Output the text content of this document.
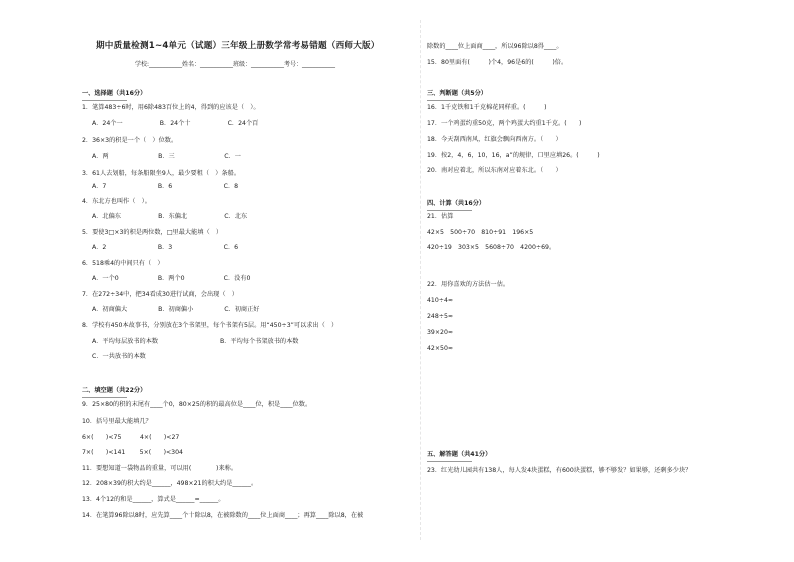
期中质量检测1~4单元（试题）三年级上册数学常考易错题（西师大版）
学校:___________姓名：___________班级：___________考号：___________
一、选择题（共16分）
1．笔算483÷6时，用6除483百位上的4，得到的应该是（　）。
A．24个一　　　　　　B．24个十　　　　　　C．24个百
2．36×3的积是一个（　）位数。
A．两　　　　　　　　B．三　　　　　　　　C．一
3．61人去划船，每条船限坐9人，最少要租（　）条船。
A．7　　　　　　　　 B．6　　　　　　　　 C．8
4．东北方也叫作（　）。
A．北偏东　　　　　　B．东偏北　　　　　　C．北东
5．要使3□×3的积是两位数，□里最大能填（　）
A．2　　　　　　　　 B．3　　　　　　　　 C．6
6．518乘4的中间只有（　）
A．一个0　　　　　　 B．两个0　　　　　　 C．没有0
7．在272÷34中，把34看成30进行试商，会出现（　）
A．初商偏大　　　　　B．初商偏小　　　　　C．初商正好
8．学校有450本故事书，分别放在3个书架里，每个书架有5层。用“450÷3”可以求出（　）
A．平均每层放书的本数	B．平均每个书架放书的本数
C．一共放书的本数
二、填空题（共22分）
9．25×80的积的末尾有____个0，80×25的积的最高位是____位，积是____位数。
10．括号里最大能填几？
6×(　　)<75　　　4×(　　)<27
7×(　　)<141　　 5×(　　)<304
11．要想知道一袋物品的重量，可以用(　　　　)来称。
12．208×39的积大约是______，498×21的积大约是______。
13．4个12的和是______，算式是______=______。
14．在笔算96除以8时，应先算____个十除以8，在被除数的____位上面商____；再算____除以8，在被
除数的____位上面商____，所以96除以8得____。
15．80里面有(　　　)个4，96是6的(　　　)倍。
三、判断题（共5分）
16．1千克铁和1千克棉花同样重。(　　　)
17．一个鸡蛋约重50克，两个鸡蛋大约重1千克。(　　)
18．今天刮西南风，红旗会飘向西南方。（　　）
19．按2，4，6，10，16，a”的规律，口里应填26。(　　　)
20．南对应着北，所以东南对应着东北。（　　）
四、计算（共16分）
21．估算
42×5　500÷70　810÷91　196×5
420÷19　303×5　5608÷70　4200÷69。
22．用你喜欢的方法估一估。
410÷4≈
248÷5≈
39×20≈
42×50≈
五、解答题（共41分）
23．红光幼儿园共有138人，每人发4块蛋糕，有600块蛋糕，够不够发？如果够，还剩多少块？
